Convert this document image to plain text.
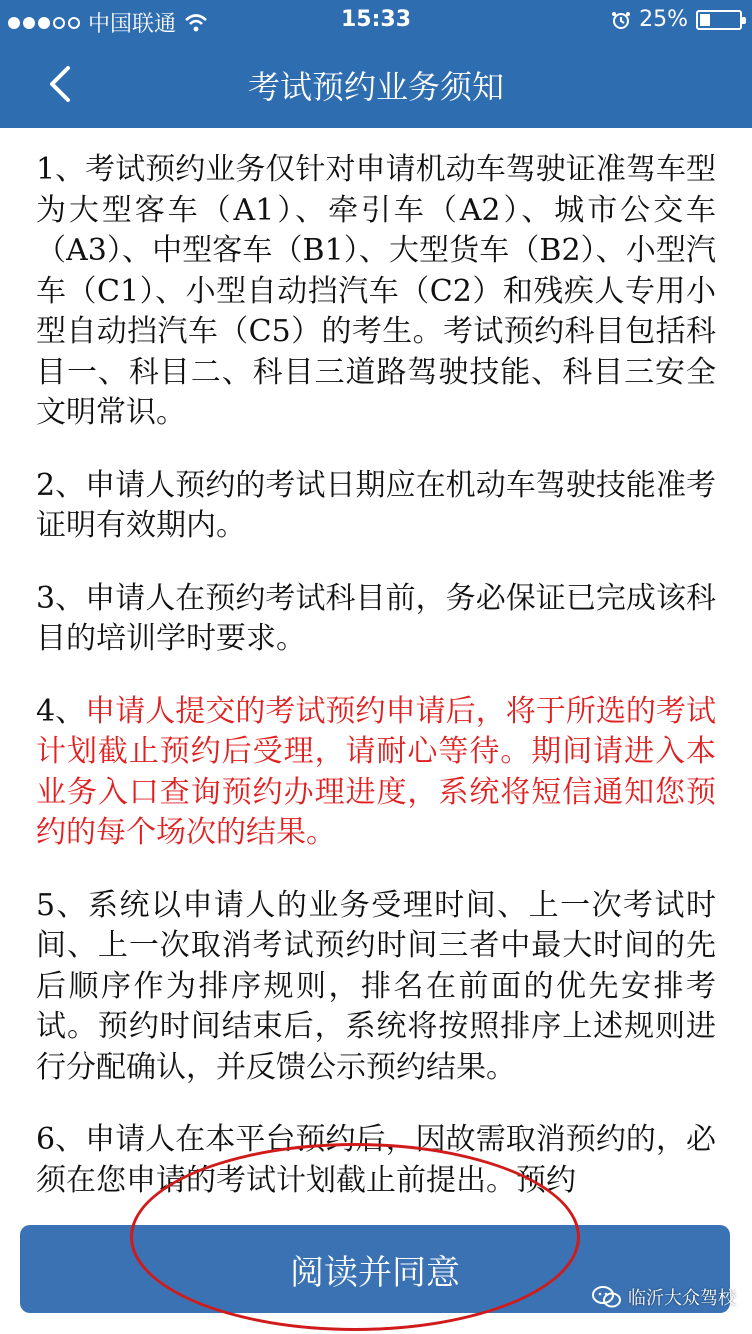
中国联通	15:33	25%
考试预约业务须知

1、考试预约业务仅针对申请机动车驾驶证准驾车型为大型客车（A1）、牵引车（A2）、城市公交车（A3）、中型客车（B1）、大型货车（B2）、小型汽车（C1）、小型自动挡汽车（C2）和残疾人专用小型自动挡汽车（C5）的考生。考试预约科目包括科目一、科目二、科目三道路驾驶技能、科目三安全文明常识。

2、申请人预约的考试日期应在机动车驾驶技能准考证明有效期内。

3、申请人在预约考试科目前，务必保证已完成该科目的培训学时要求。

4、申请人提交的考试预约申请后，将于所选的考试计划截止预约后受理，请耐心等待。期间请进入本业务入口查询预约办理进度，系统将短信通知您预约的每个场次的结果。

5、系统以申请人的业务受理时间、上一次考试时间、上一次取消考试预约时间三者中最大时间的先后顺序作为排序规则，排名在前面的优先安排考试。预约时间结束后，系统将按照排序上述规则进行分配确认，并反馈公示预约结果。

6、申请人在本平台预约后，因故需取消预约的，必须在您申请的考试计划截止前提出。预约

阅读并同意
临沂大众驾校
